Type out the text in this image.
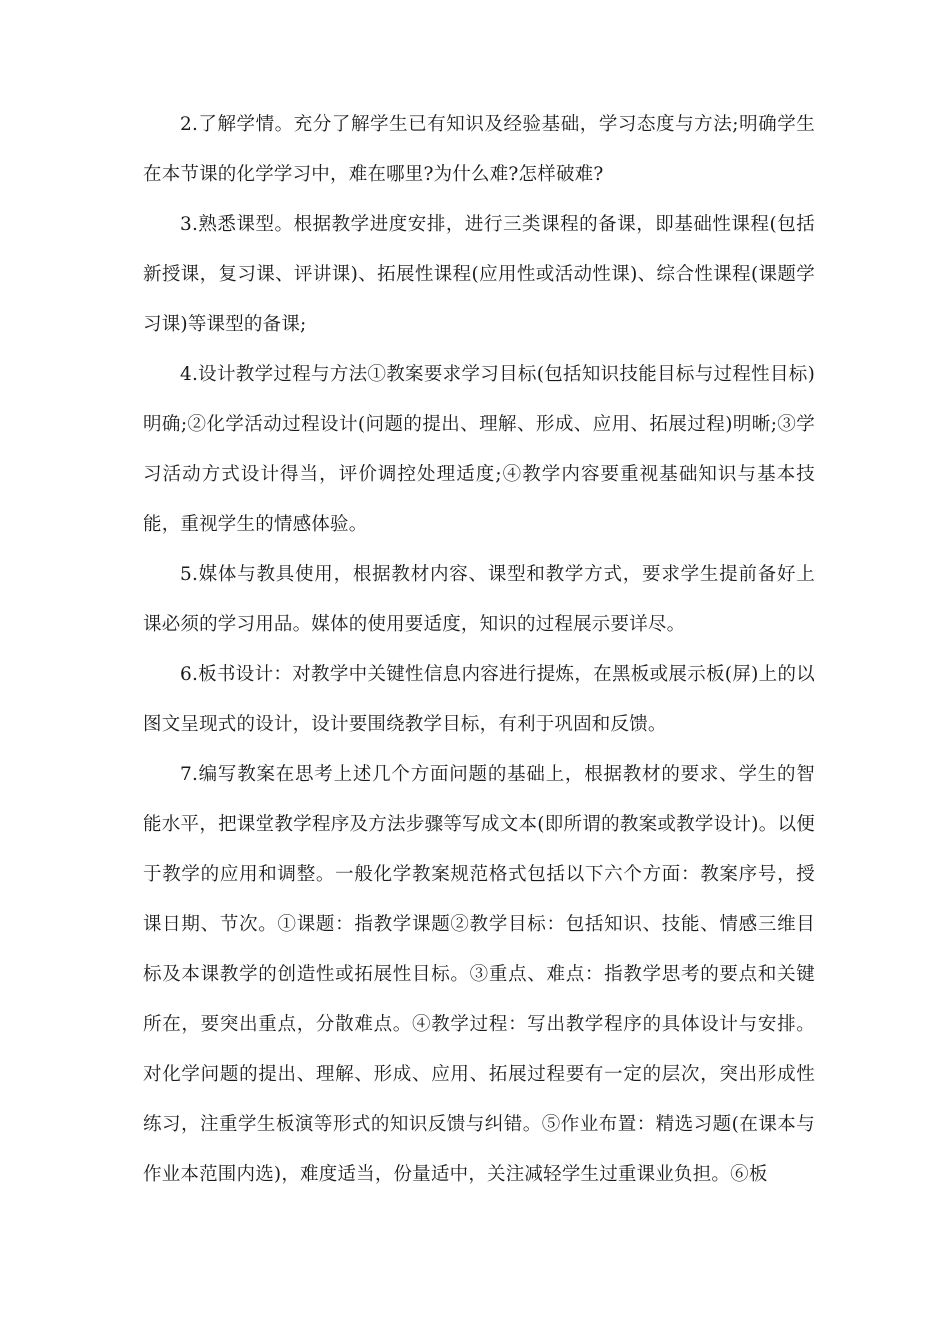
2.了解学情。充分了解学生已有知识及经验基础，学习态度与方法;明确学生在本节课的化学学习中，难在哪里?为什么难?怎样破难?

3.熟悉课型。根据教学进度安排，进行三类课程的备课，即基础性课程(包括新授课，复习课、评讲课)、拓展性课程(应用性或活动性课)、综合性课程(课题学习课)等课型的备课;

4.设计教学过程与方法①教案要求学习目标(包括知识技能目标与过程性目标)明确;②化学活动过程设计(问题的提出、理解、形成、应用、拓展过程)明晰;③学习活动方式设计得当，评价调控处理适度;④教学内容要重视基础知识与基本技能，重视学生的情感体验。

5.媒体与教具使用，根据教材内容、课型和教学方式，要求学生提前备好上课必须的学习用品。媒体的使用要适度，知识的过程展示要详尽。

6.板书设计：对教学中关键性信息内容进行提炼，在黑板或展示板(屏)上的以图文呈现式的设计，设计要围绕教学目标，有利于巩固和反馈。

7.编写教案在思考上述几个方面问题的基础上，根据教材的要求、学生的智能水平，把课堂教学程序及方法步骤等写成文本(即所谓的教案或教学设计)。以便于教学的应用和调整。一般化学教案规范格式包括以下六个方面：教案序号，授课日期、节次。①课题：指教学课题②教学目标：包括知识、技能、情感三维目标及本课教学的创造性或拓展性目标。③重点、难点：指教学思考的要点和关键所在，要突出重点，分散难点。④教学过程：写出教学程序的具体设计与安排。对化学问题的提出、理解、形成、应用、拓展过程要有一定的层次，突出形成性练习，注重学生板演等形式的知识反馈与纠错。⑤作业布置：精选习题(在课本与作业本范围内选)，难度适当，份量适中，关注减轻学生过重课业负担。⑥板
